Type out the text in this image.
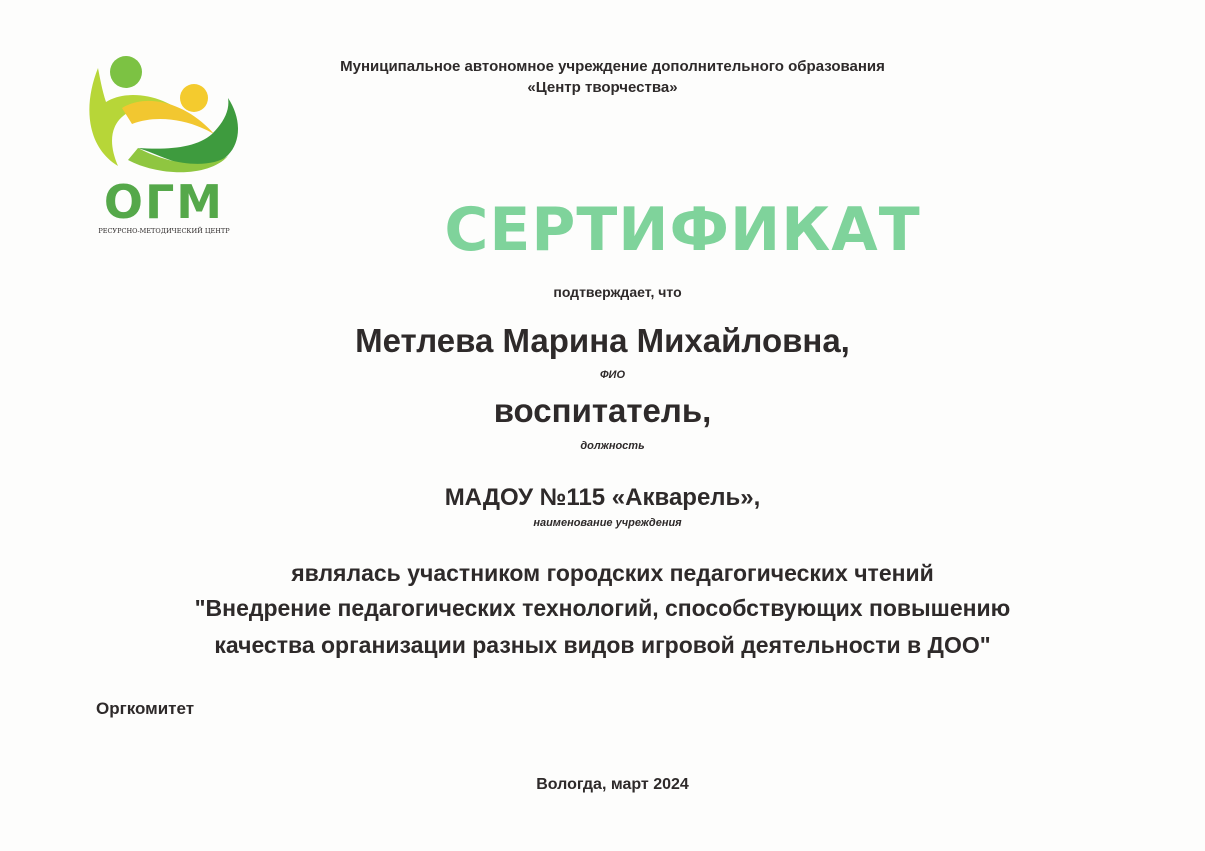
ОГМ
РЕСУРСНО-МЕТОДИЧЕСКИЙ ЦЕНТР
Муниципальное автономное учреждение дополнительного образования
«Центр творчества»
СЕРТИФИКАТ
подтверждает, что
Метлева Марина Михайловна,
ФИО
воспитатель,
должность
МАДОУ №115 «Акварель»,
наименование учреждения
являлась участником городских педагогических чтений
"Внедрение педагогических технологий, способствующих повышению
качества организации разных видов игровой деятельности в ДОО"
Оргкомитет
Вологда, март 2024
